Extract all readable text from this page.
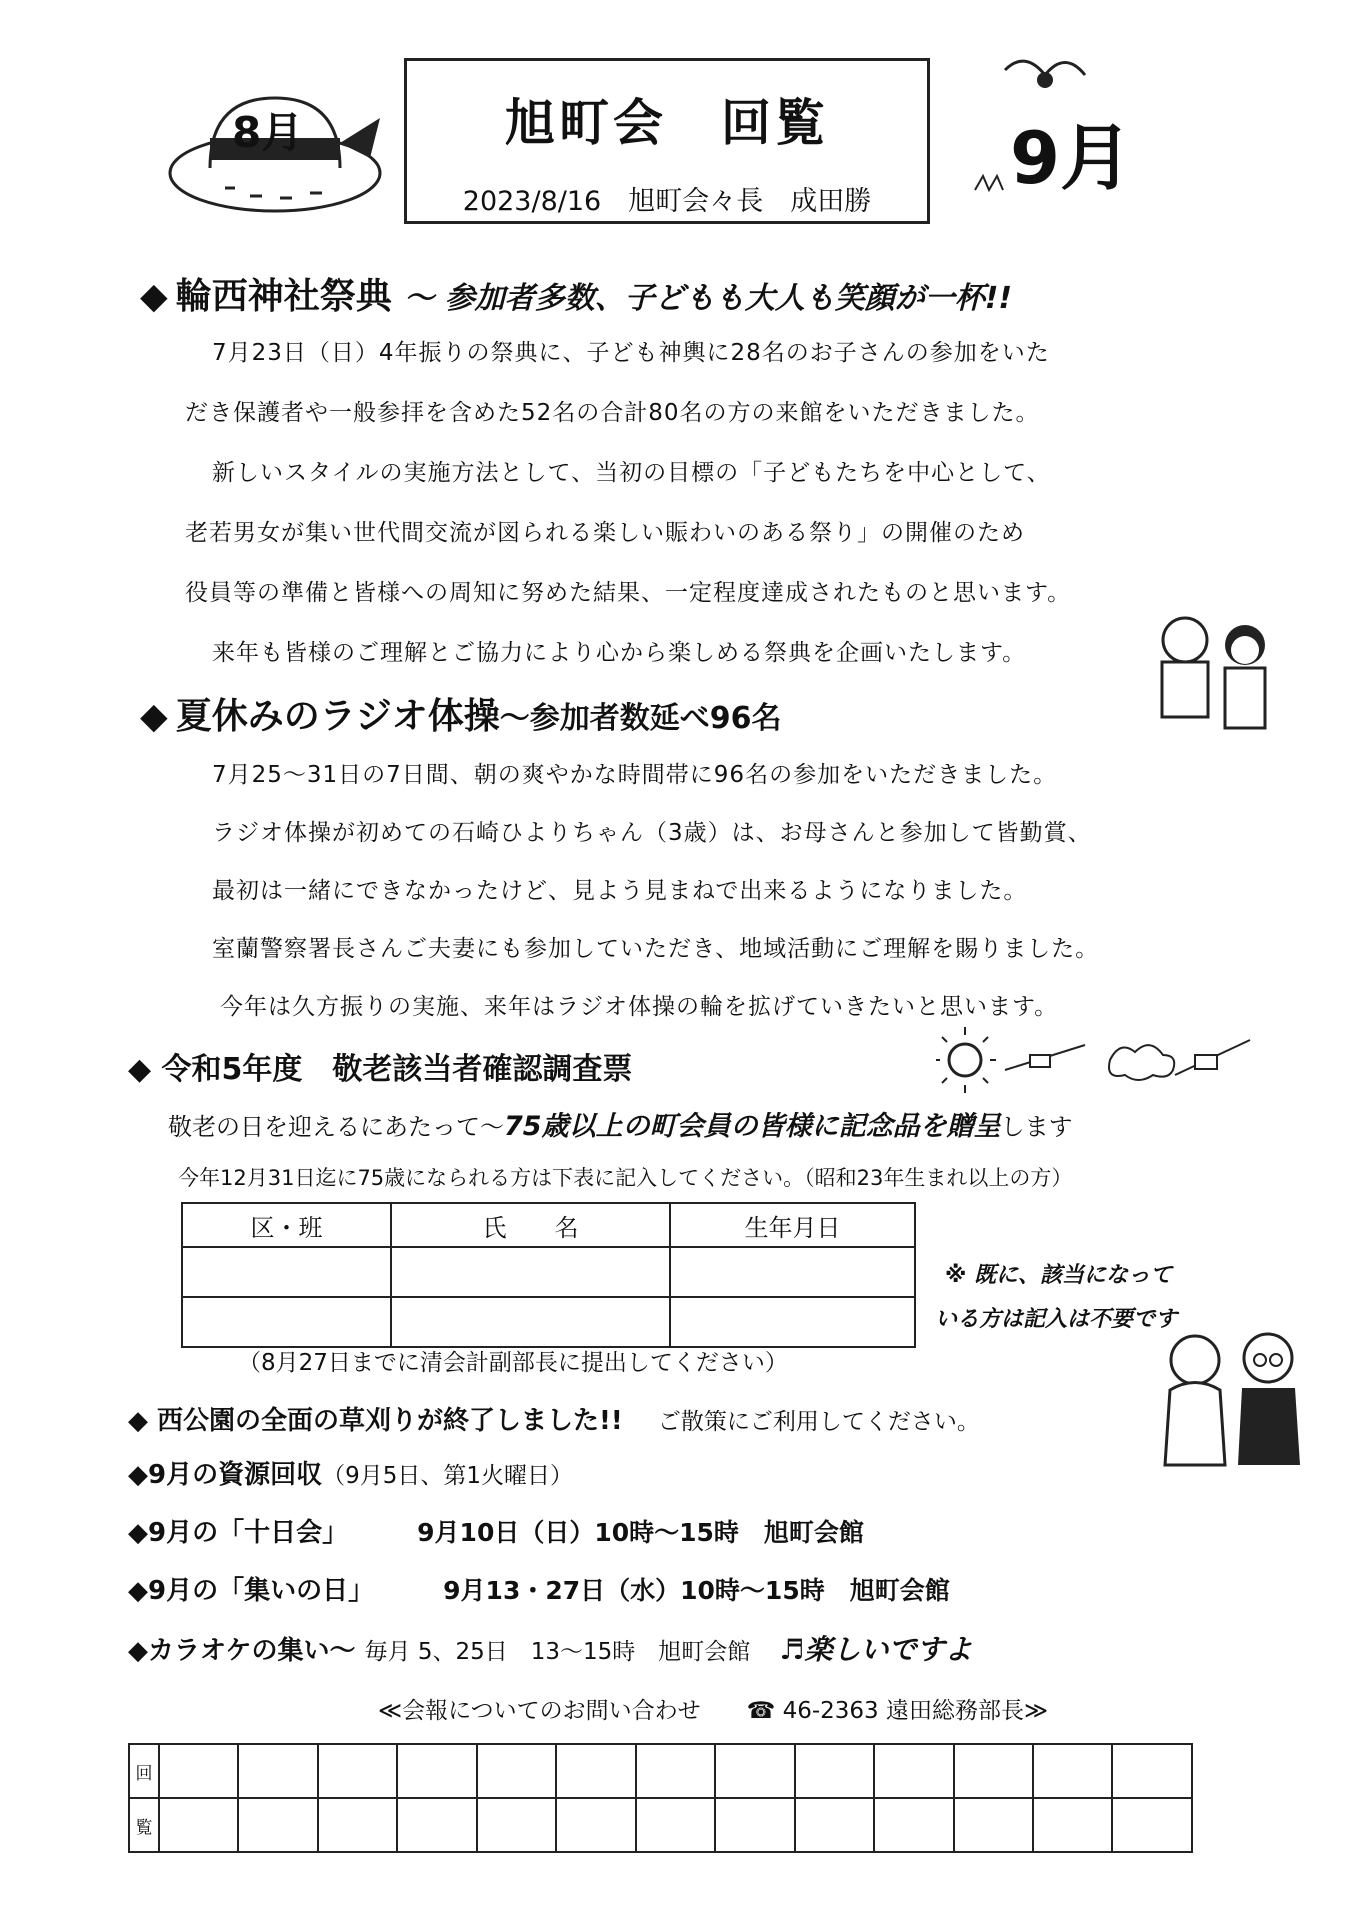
8月	旭町会　回覧
2023/8/16　旭町会々長　成田勝
9月
◆ 輪西神社祭典 ～ 参加者多数、子どもも大人も笑顔が一杯!!
7月23日（日）4年振りの祭典に、子ども神輿に28名のお子さんの参加をいた
だき保護者や一般参拝を含めた52名の合計80名の方の来館をいただきました。
新しいスタイルの実施方法として、当初の目標の「子どもたちを中心として、
老若男女が集い世代間交流が図られる楽しい賑わいのある祭り」の開催のため
役員等の準備と皆様への周知に努めた結果、一定程度達成されたものと思います。
来年も皆様のご理解とご協力により心から楽しめる祭典を企画いたします。
◆ 夏休みのラジオ体操～参加者数延べ96名
7月25～31日の7日間、朝の爽やかな時間帯に96名の参加をいただきました。
ラジオ体操が初めての石崎ひよりちゃん（3歳）は、お母さんと参加して皆勤賞、
最初は一緒にできなかったけど、見よう見まねで出来るようになりました。
室蘭警察署長さんご夫妻にも参加していただき、地域活動にご理解を賜りました。
今年は久方振りの実施、来年はラジオ体操の輪を拡げていきたいと思います。
◆ 令和5年度　敬老該当者確認調査票
敬老の日を迎えるにあたって～75歳以上の町会員の皆様に記念品を贈呈します
今年12月31日迄に75歳になられる方は下表に記入してください。（昭和23年生まれ以上の方）
区・班	氏　　名	生年月日

※ 既に、該当になって
いる方は記入は不要です
（8月27日までに清会計副部長に提出してください）
◆ 西公園の全面の草刈りが終了しました!! ご散策にご利用してください。
◆9月の資源回収（9月5日、第1火曜日）
◆9月の「十日会」	9月10日（日）10時～15時　旭町会館
◆9月の「集いの日」	9月13・27日（水）10時～15時　旭町会館
◆カラオケの集い～ 毎月 5、25日　13～15時　旭町会館 ♬楽しいですよ
≪会報についてのお問い合わせ　　☎ 46-2363 遠田総務部長≫
回													
覧													
